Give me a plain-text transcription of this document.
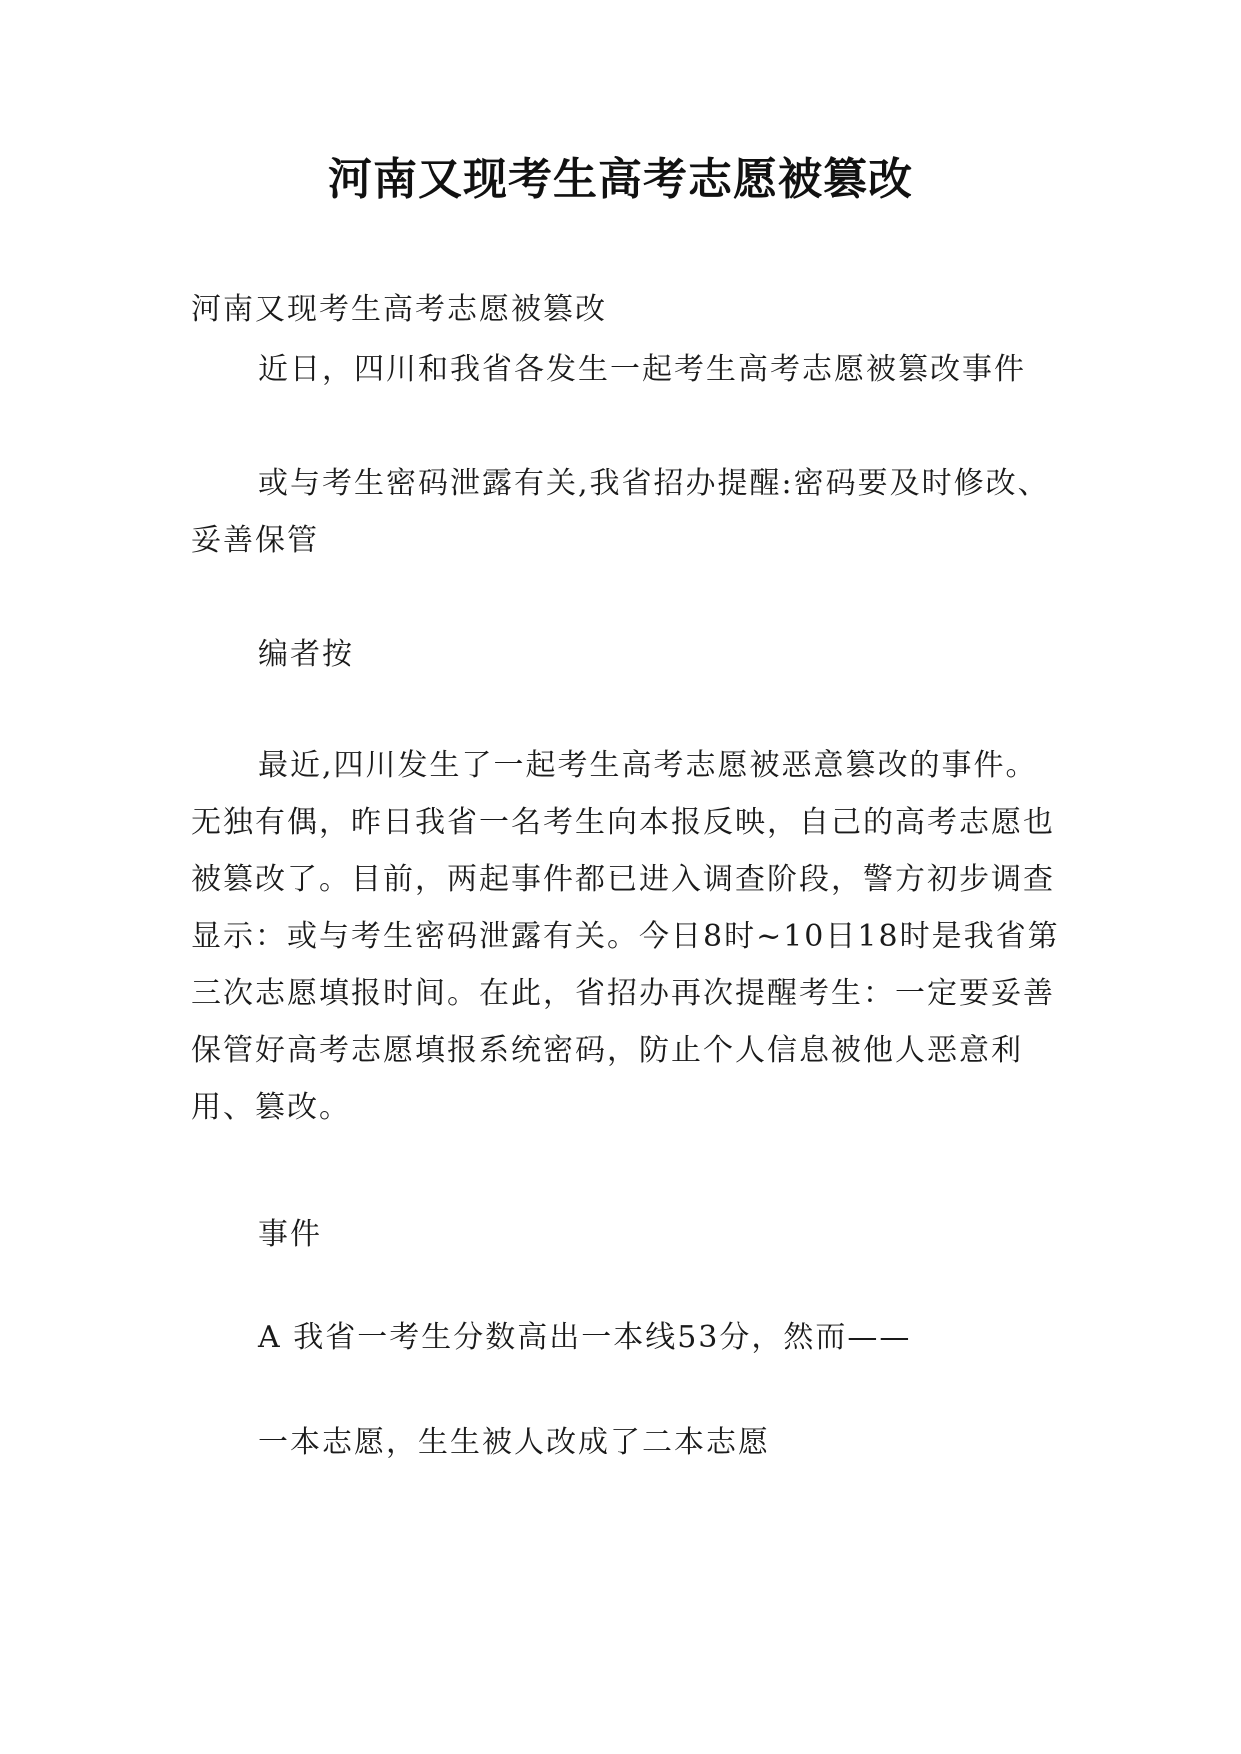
河南又现考生高考志愿被篡改
河南又现考生高考志愿被篡改
近日，四川和我省各发生一起考生高考志愿被篡改事件

或与考生密码泄露有关,我省招办提醒:密码要及时修改、妥善保管

编者按

最近,四川发生了一起考生高考志愿被恶意篡改的事件。无独有偶，昨日我省一名考生向本报反映，自己的高考志愿也被篡改了。目前，两起事件都已进入调查阶段，警方初步调查显示：或与考生密码泄露有关。今日8时~10日18时是我省第三次志愿填报时间。在此，省招办再次提醒考生：一定要妥善保管好高考志愿填报系统密码，防止个人信息被他人恶意利用、篡改。

事件
A 我省一考生分数高出一本线53分，然而——
一本志愿，生生被人改成了二本志愿
